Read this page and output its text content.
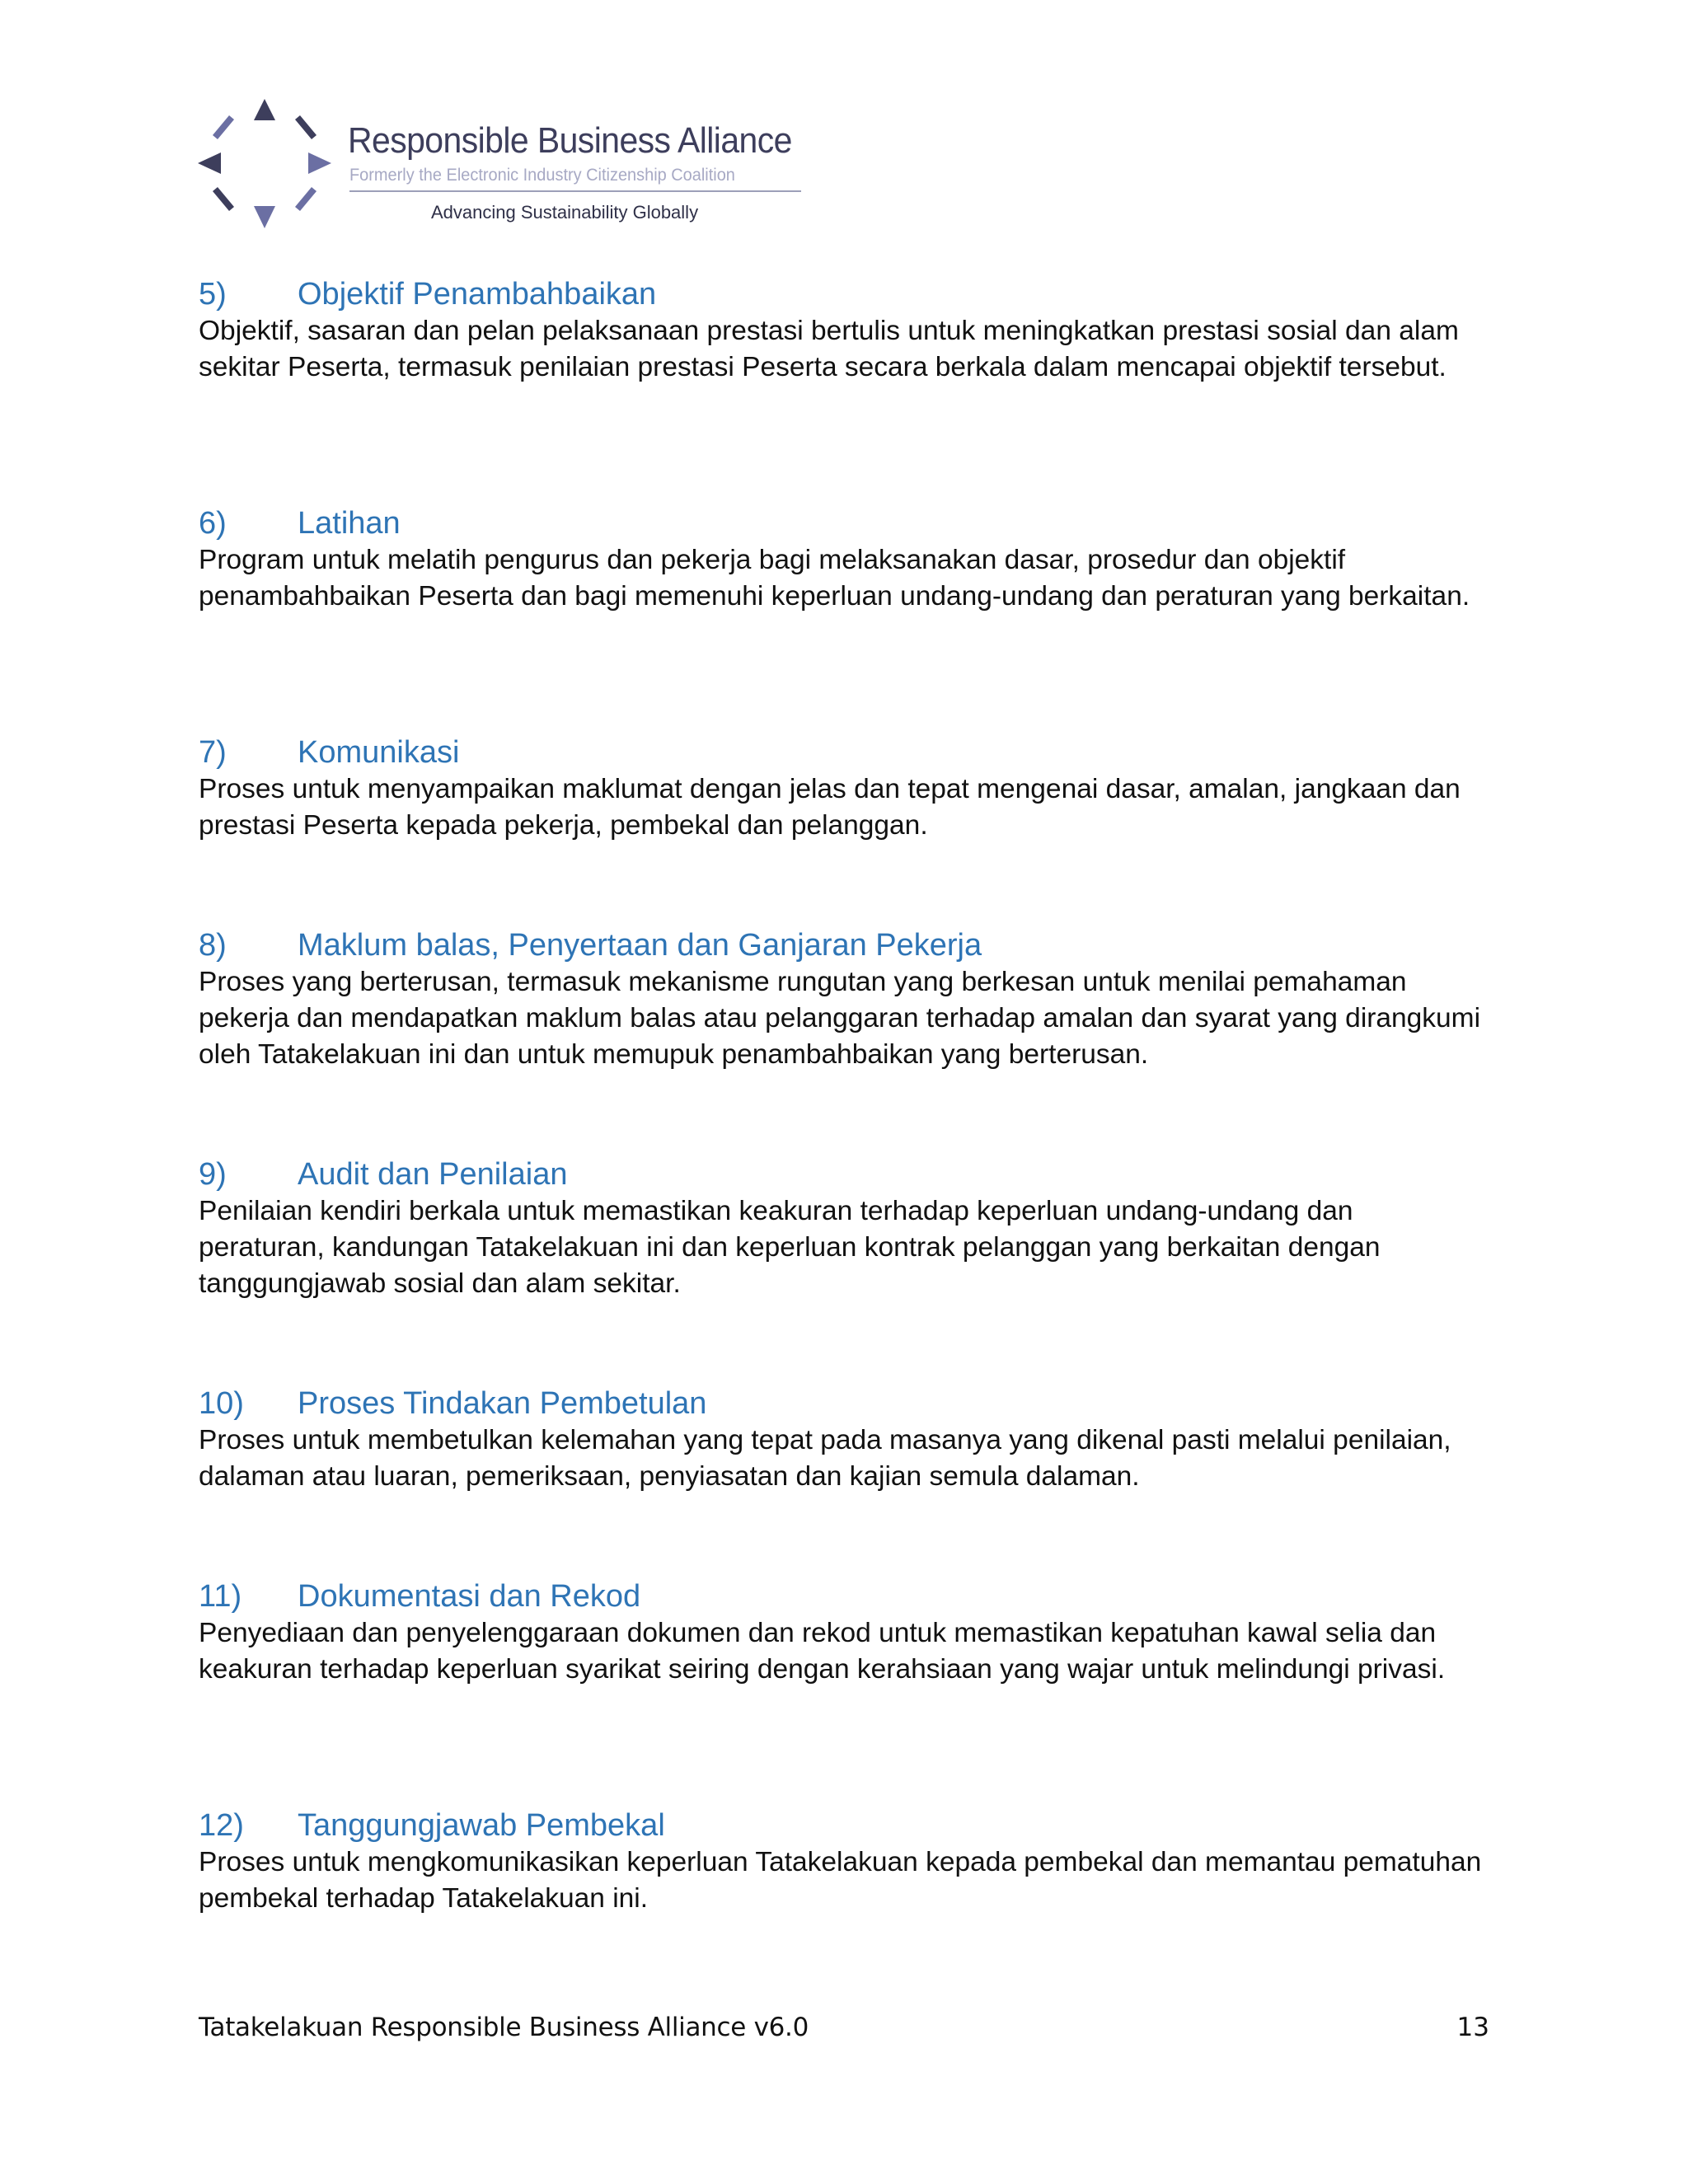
Responsible Business Alliance
Formerly the Electronic Industry Citizenship Coalition
Advancing Sustainability Globally
5) Objektif Penambahbaikan

Objektif, sasaran dan pelan pelaksanaan prestasi bertulis untuk meningkatkan prestasi sosial dan alam sekitar Peserta, termasuk penilaian prestasi Peserta secara berkala dalam mencapai objektif tersebut.

6) Latihan

Program untuk melatih pengurus dan pekerja bagi melaksanakan dasar, prosedur dan objektif penambahbaikan Peserta dan bagi memenuhi keperluan undang-undang dan peraturan yang berkaitan.

7) Komunikasi

Proses untuk menyampaikan maklumat dengan jelas dan tepat mengenai dasar, amalan, jangkaan dan prestasi Peserta kepada pekerja, pembekal dan pelanggan.

8) Maklum balas, Penyertaan dan Ganjaran Pekerja

Proses yang berterusan, termasuk mekanisme rungutan yang berkesan untuk menilai pemahaman pekerja dan mendapatkan maklum balas atau pelanggaran terhadap amalan dan syarat yang dirangkumi oleh Tatakelakuan ini dan untuk memupuk penambahbaikan yang berterusan.

9) Audit dan Penilaian

Penilaian kendiri berkala untuk memastikan keakuran terhadap keperluan undang-undang dan peraturan, kandungan Tatakelakuan ini dan keperluan kontrak pelanggan yang berkaitan dengan tanggungjawab sosial dan alam sekitar.

10) Proses Tindakan Pembetulan

Proses untuk membetulkan kelemahan yang tepat pada masanya yang dikenal pasti melalui penilaian, dalaman atau luaran, pemeriksaan, penyiasatan dan kajian semula dalaman.

11) Dokumentasi dan Rekod

Penyediaan dan penyelenggaraan dokumen dan rekod untuk memastikan kepatuhan kawal selia dan keakuran terhadap keperluan syarikat seiring dengan kerahsiaan yang wajar untuk melindungi privasi.

12) Tanggungjawab Pembekal

Proses untuk mengkomunikasikan keperluan Tatakelakuan kepada pembekal dan memantau pematuhan pembekal terhadap Tatakelakuan ini.

Tatakelakuan Responsible Business Alliance v6.0	13
